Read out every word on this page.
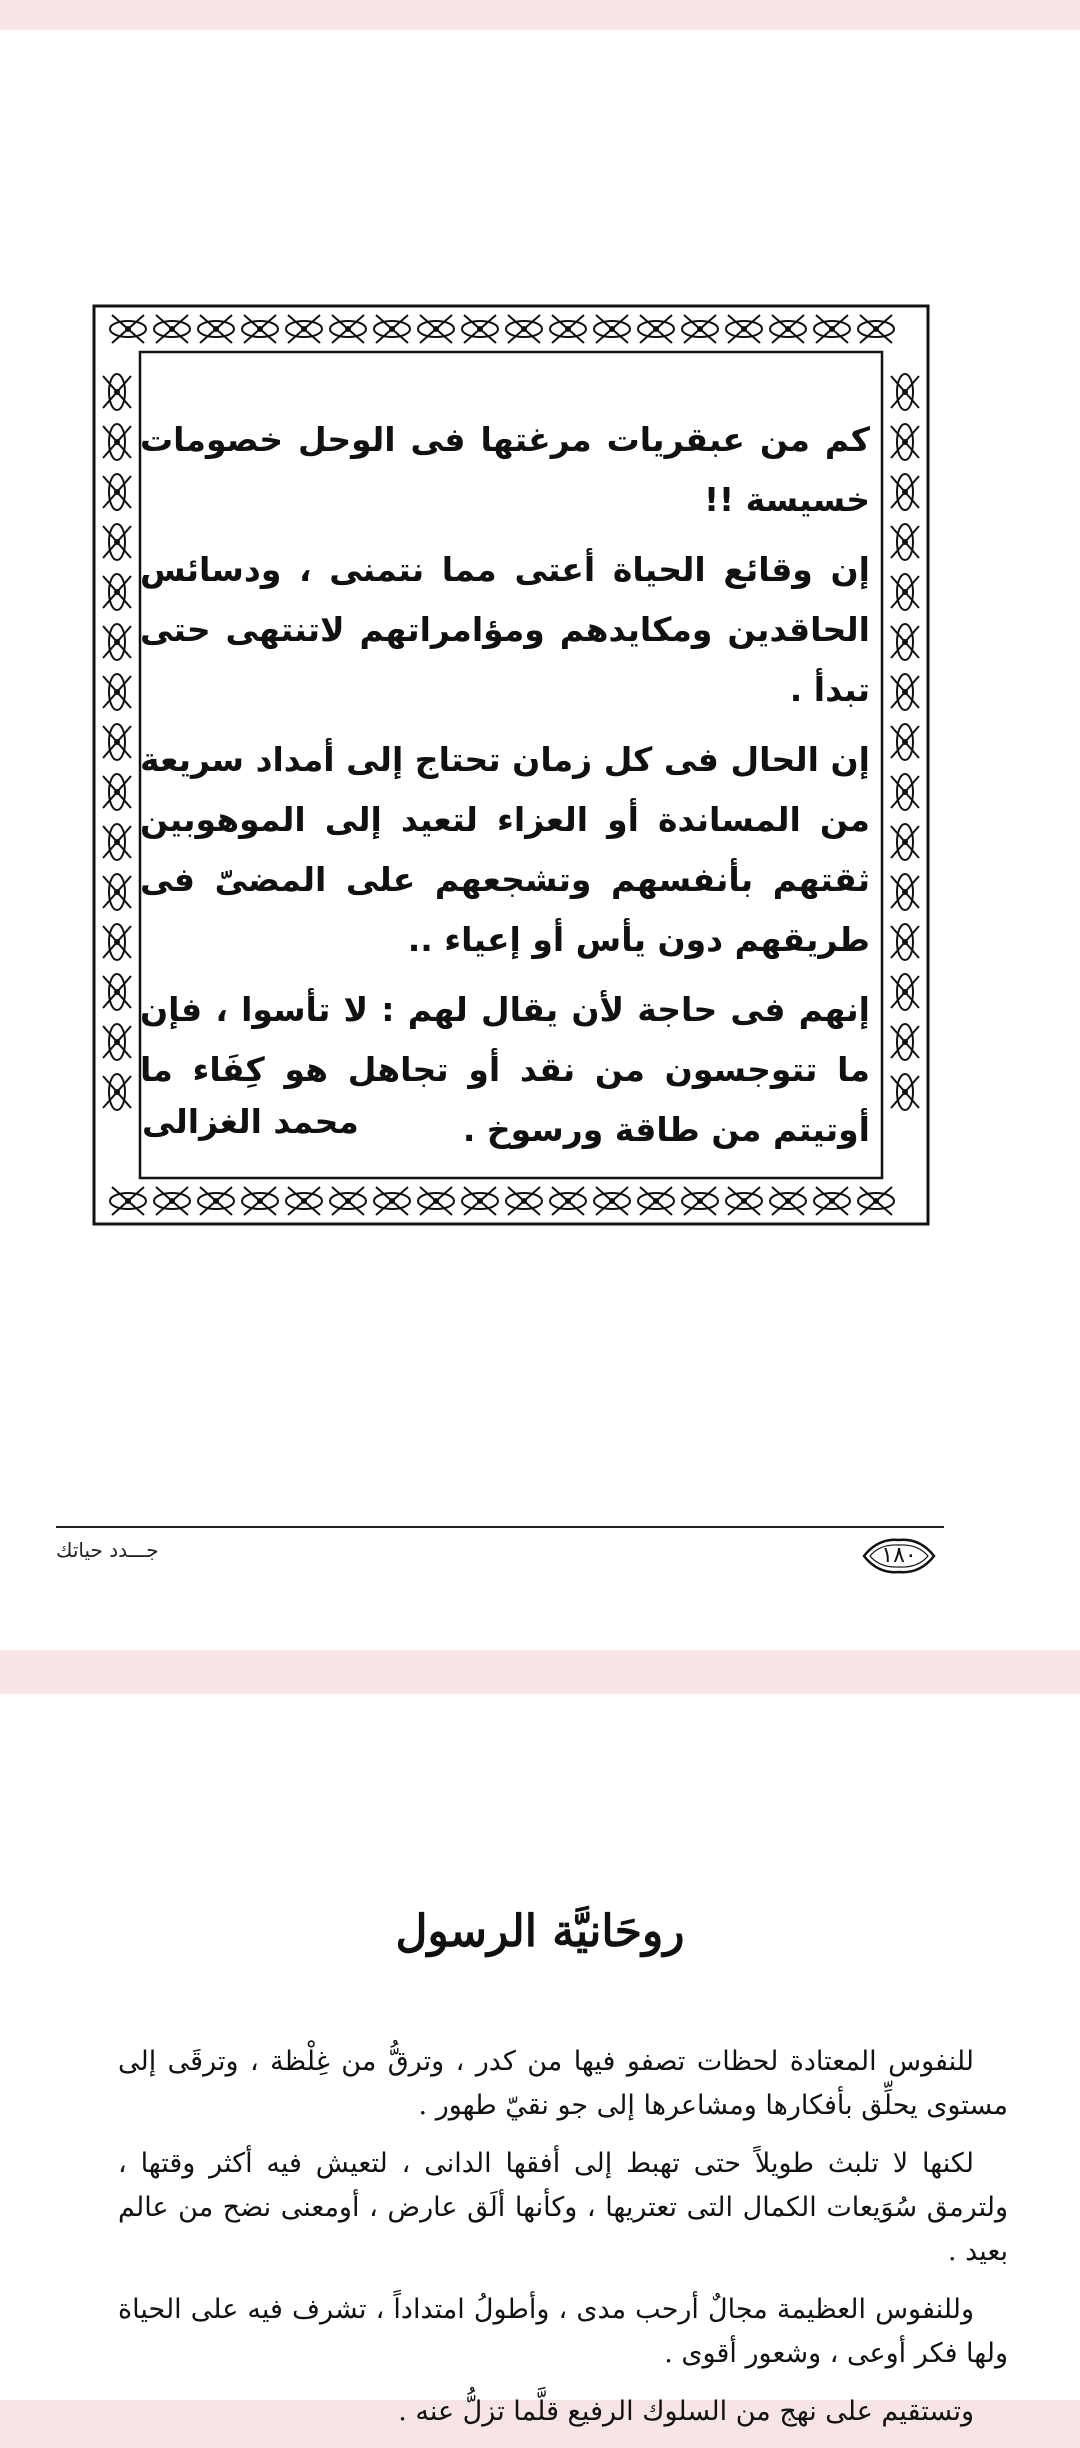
كم من عبقريات مرغتها فى الوحل خصومات خسيسة !!

إن وقائع الحياة أعتى مما نتمنى ، ودسائس الحاقدين ومكايدهم ومؤامراتهم لاتنتهى حتى تبدأ .

إن الحال فى كل زمان تحتاج إلى أمداد سريعة من المساندة أو العزاء لتعيد إلى الموهوبين ثقتهم بأنفسهم وتشجعهم على المضىّ فى طريقهم دون يأس أو إعياء ..

إنهم فى حاجة لأن يقال لهم : لا تأسوا ، فإن ما تتوجسون من نقد أو تجاهل هو كِفَاء ما أوتيتم من طاقة ورسوخ .

محمد الغزالى
جـــدد حياتك	١٨٠
روحَانيَّة الرسول

للنفوس المعتادة لحظات تصفو فيها من كدر ، وترقُّ من غِلْظة ، وترقَى إلى مستوى يحلِّق بأفكارها ومشاعرها إلى جو نقيّ طهور .

لكنها لا تلبث طويلاً حتى تهبط إلى أفقها الدانى ، لتعيش فيه أكثر وقتها ، ولترمق سُوَيعات الكمال التى تعتريها ، وكأنها ألَق عارض ، أومعنى نضح من عالم بعيد .

وللنفوس العظيمة مجالٌ أرحب مدى ، وأطولُ امتداداً ، تشرف فيه على الحياة ولها فكر أوعى ، وشعور أقوى .

وتستقيم على نهج من السلوك الرفيع قلَّما تزلُّ عنه .
